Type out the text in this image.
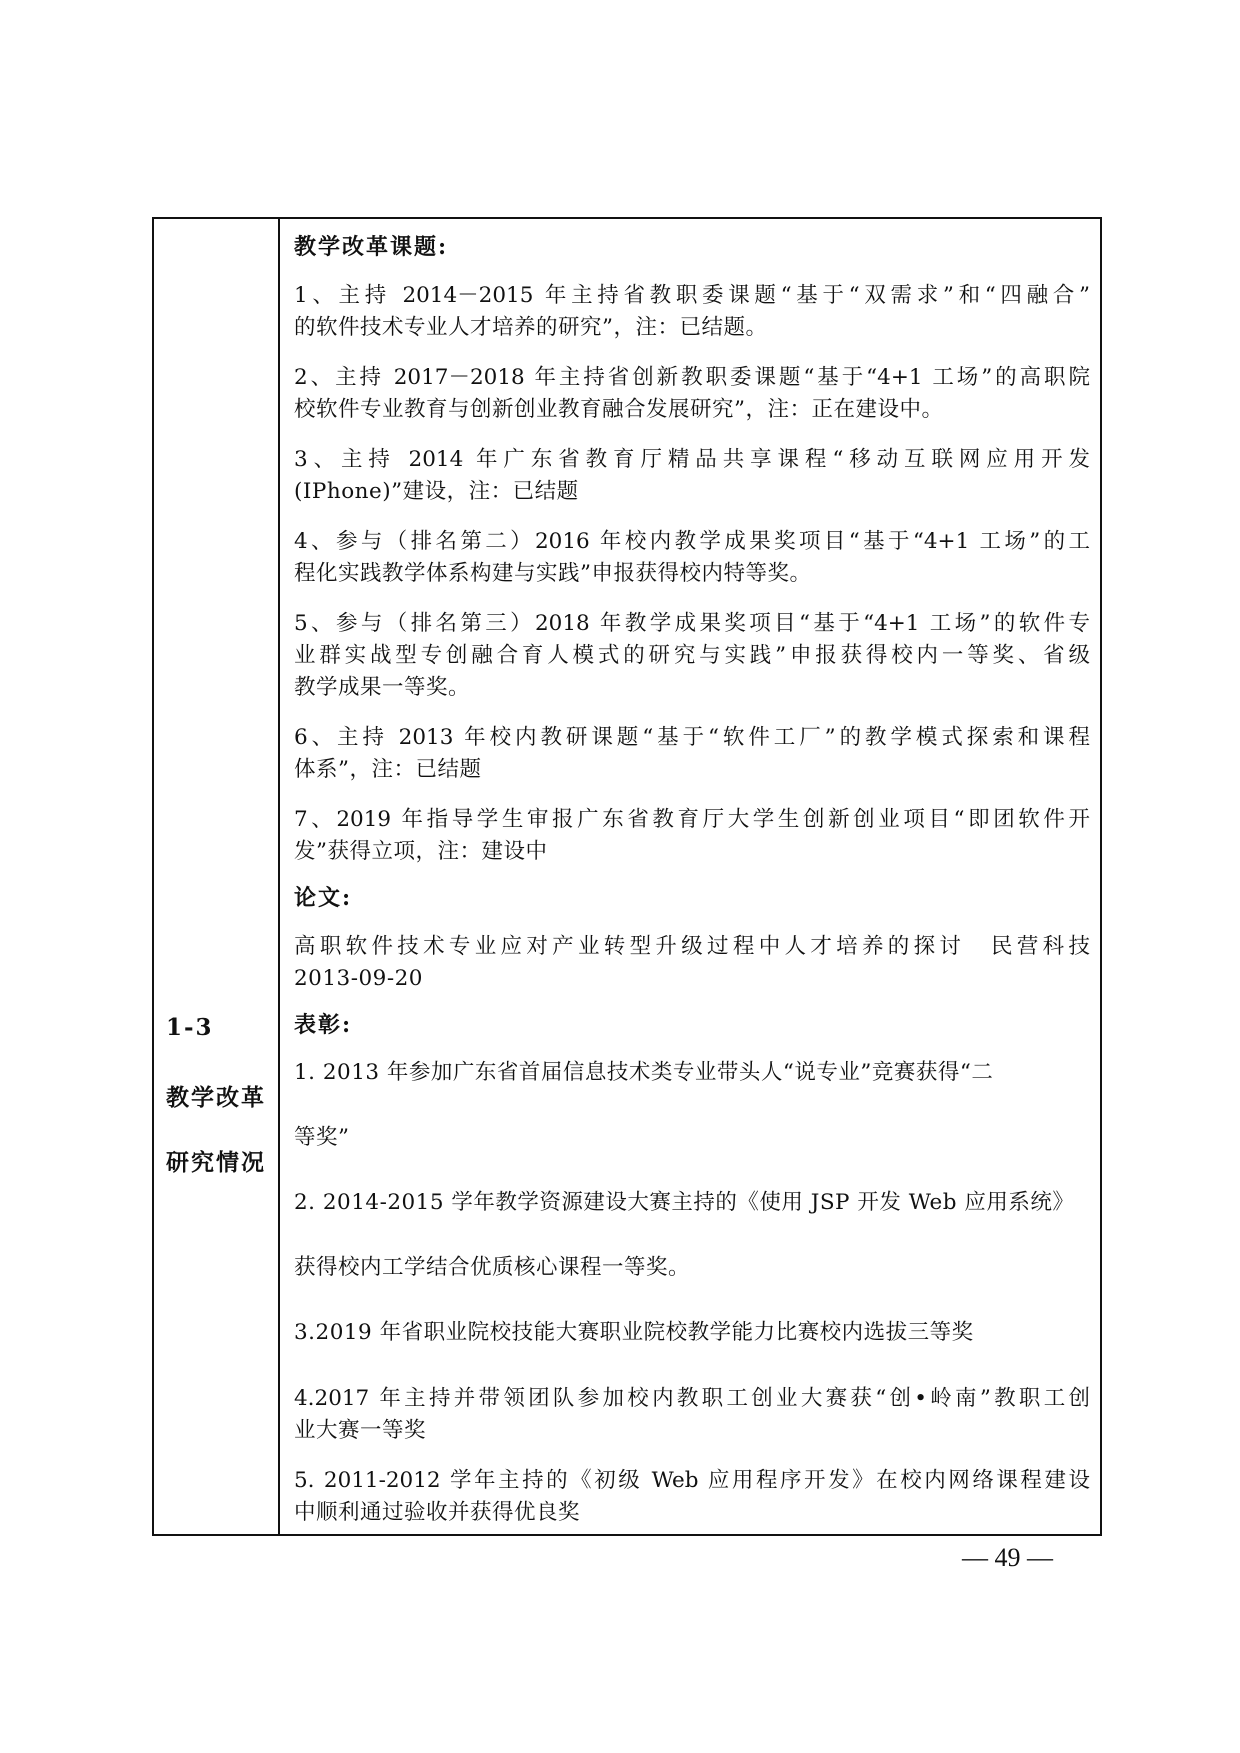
1-3
教学改革
研究情况
教学改革课题:
1、主持 2014－2015 年主持省教职委课题“基于“双需求”和“四融合”
的软件技术专业人才培养的研究”，注：已结题。
2、主持 2017－2018 年主持省创新教职委课题“基于“4+1 工场”的高职院
校软件专业教育与创新创业教育融合发展研究”，注：正在建设中。
3、主持 2014 年广东省教育厅精品共享课程“移动互联网应用开发
(IPhone)”建设，注：已结题
4、参与（排名第二）2016 年校内教学成果奖项目“基于“4+1 工场”的工
程化实践教学体系构建与实践”申报获得校内特等奖。
5、参与（排名第三）2018 年教学成果奖项目“基于“4+1 工场”的软件专
业群实战型专创融合育人模式的研究与实践”申报获得校内一等奖、省级
教学成果一等奖。
6、主持 2013 年校内教研课题“基于“软件工厂”的教学模式探索和课程
体系”，注：已结题
7、2019 年指导学生审报广东省教育厅大学生创新创业项目“即团软件开
发”获得立项，注：建设中
论文:
高职软件技术专业应对产业转型升级过程中人才培养的探讨　民营科技
2013-09-20
表彰:
1. 2013 年参加广东省首届信息技术类专业带头人“说专业”竞赛获得“二
等奖”
2. 2014-2015 学年教学资源建设大赛主持的《使用 JSP 开发 Web 应用系统》
获得校内工学结合优质核心课程一等奖。
3.2019 年省职业院校技能大赛职业院校教学能力比赛校内选拔三等奖
4.2017 年主持并带领团队参加校内教职工创业大赛获“创•岭南”教职工创
业大赛一等奖
5. 2011-2012 学年主持的《初级 Web 应用程序开发》在校内网络课程建设
中顺利通过验收并获得优良奖
— 49 —
